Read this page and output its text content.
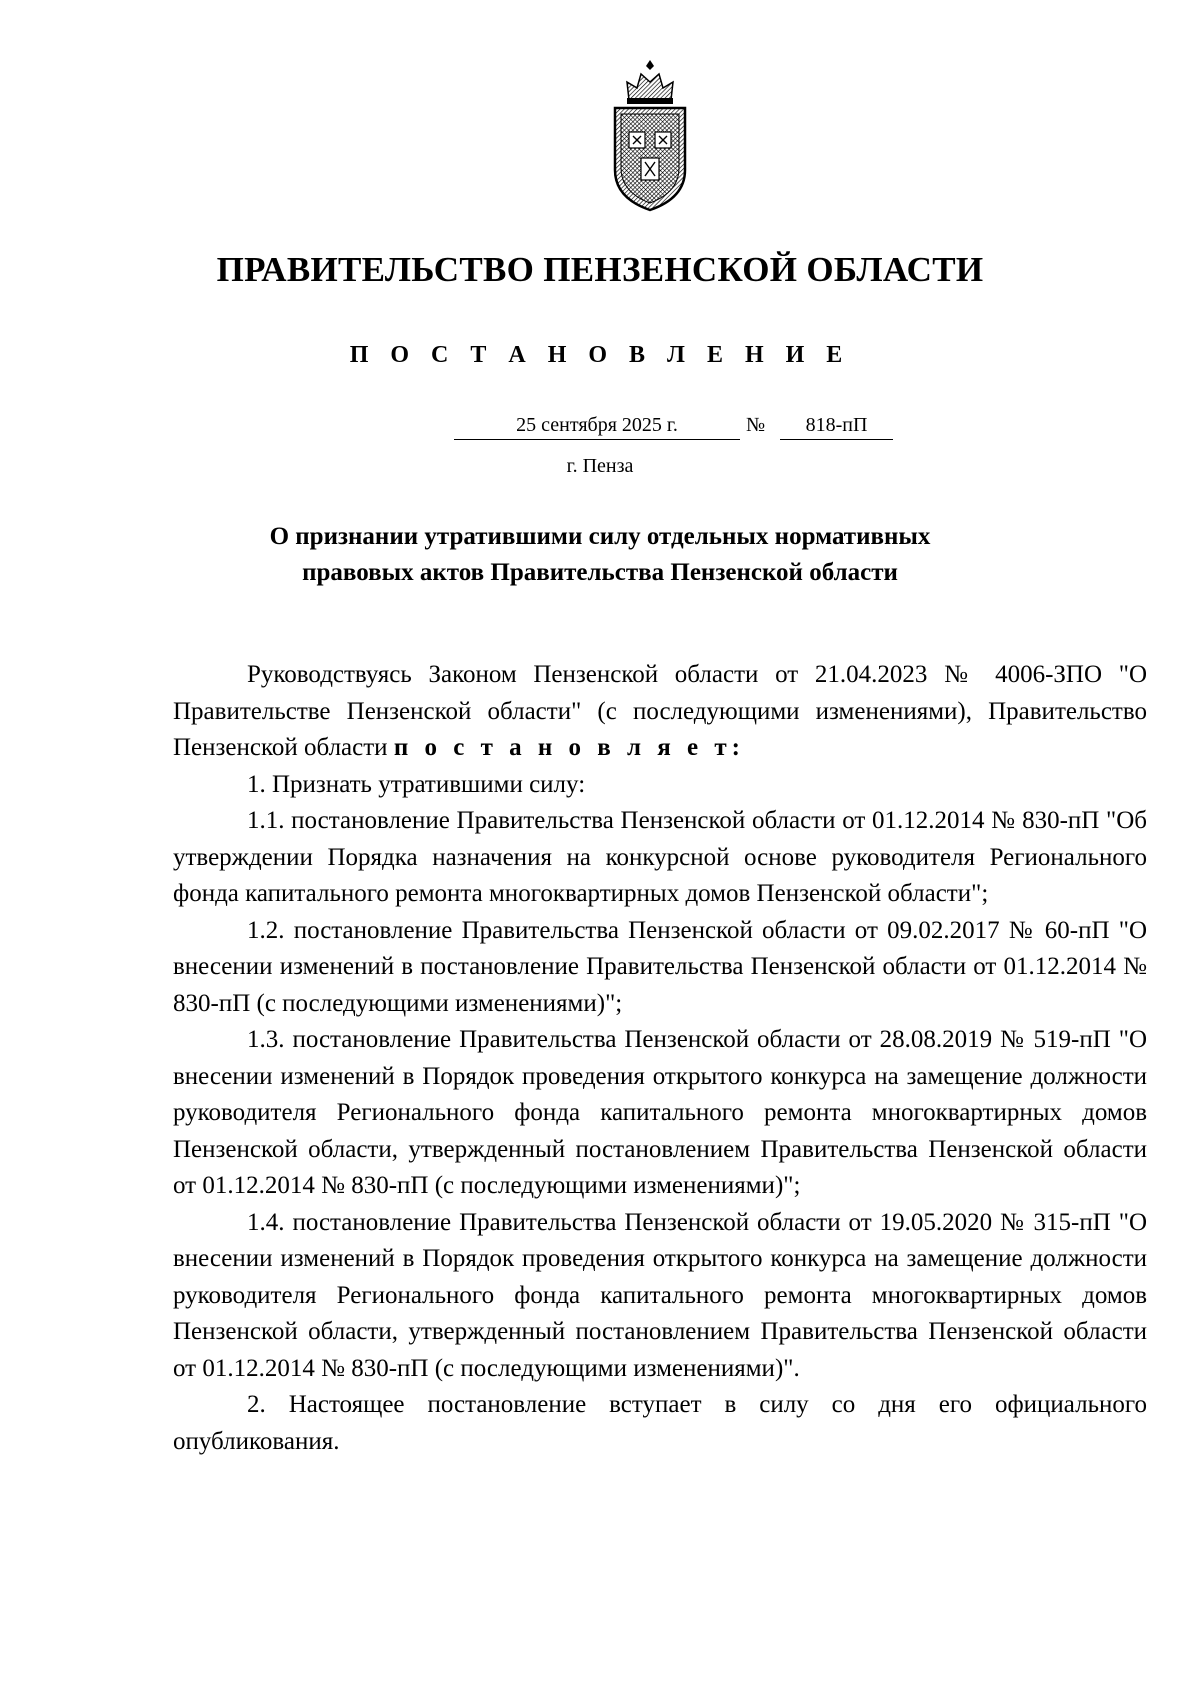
ПРАВИТЕЛЬСТВО ПЕНЗЕНСКОЙ ОБЛАСТИ
П О С Т А Н О В Л Е Н И Е
25 сентября 2025 г.	№	818-пП
г. Пенза
О признании утратившими силу отдельных нормативных
правовых актов Правительства Пензенской области

Руководствуясь Законом Пензенской области от 21.04.2023 № 4006-ЗПО "О Правительстве Пензенской области" (с последующими изменениями), Правительство Пензенской области п о с т а н о в л я е т:

1. Признать утратившими силу:

1.1. постановление Правительства Пензенской области от 01.12.2014 № 830-пП "Об утверждении Порядка назначения на конкурсной основе руководителя Регионального фонда капитального ремонта многоквартирных домов Пензенской области";

1.2. постановление Правительства Пензенской области от 09.02.2017 № 60-пП "О внесении изменений в постановление Правительства Пензенской области от 01.12.2014 № 830-пП (с последующими изменениями)";

1.3. постановление Правительства Пензенской области от 28.08.2019 № 519-пП "О внесении изменений в Порядок проведения открытого конкурса на замещение должности руководителя Регионального фонда капитального ремонта многоквартирных домов Пензенской области, утвержденный постановлением Правительства Пензенской области от 01.12.2014 № 830-пП (с последующими изменениями)";

1.4. постановление Правительства Пензенской области от 19.05.2020 № 315-пП "О внесении изменений в Порядок проведения открытого конкурса на замещение должности руководителя Регионального фонда капитального ремонта многоквартирных домов Пензенской области, утвержденный постановлением Правительства Пензенской области от 01.12.2014 № 830-пП (с последующими изменениями)".

2. Настоящее постановление вступает в силу со дня его официального опубликования.
